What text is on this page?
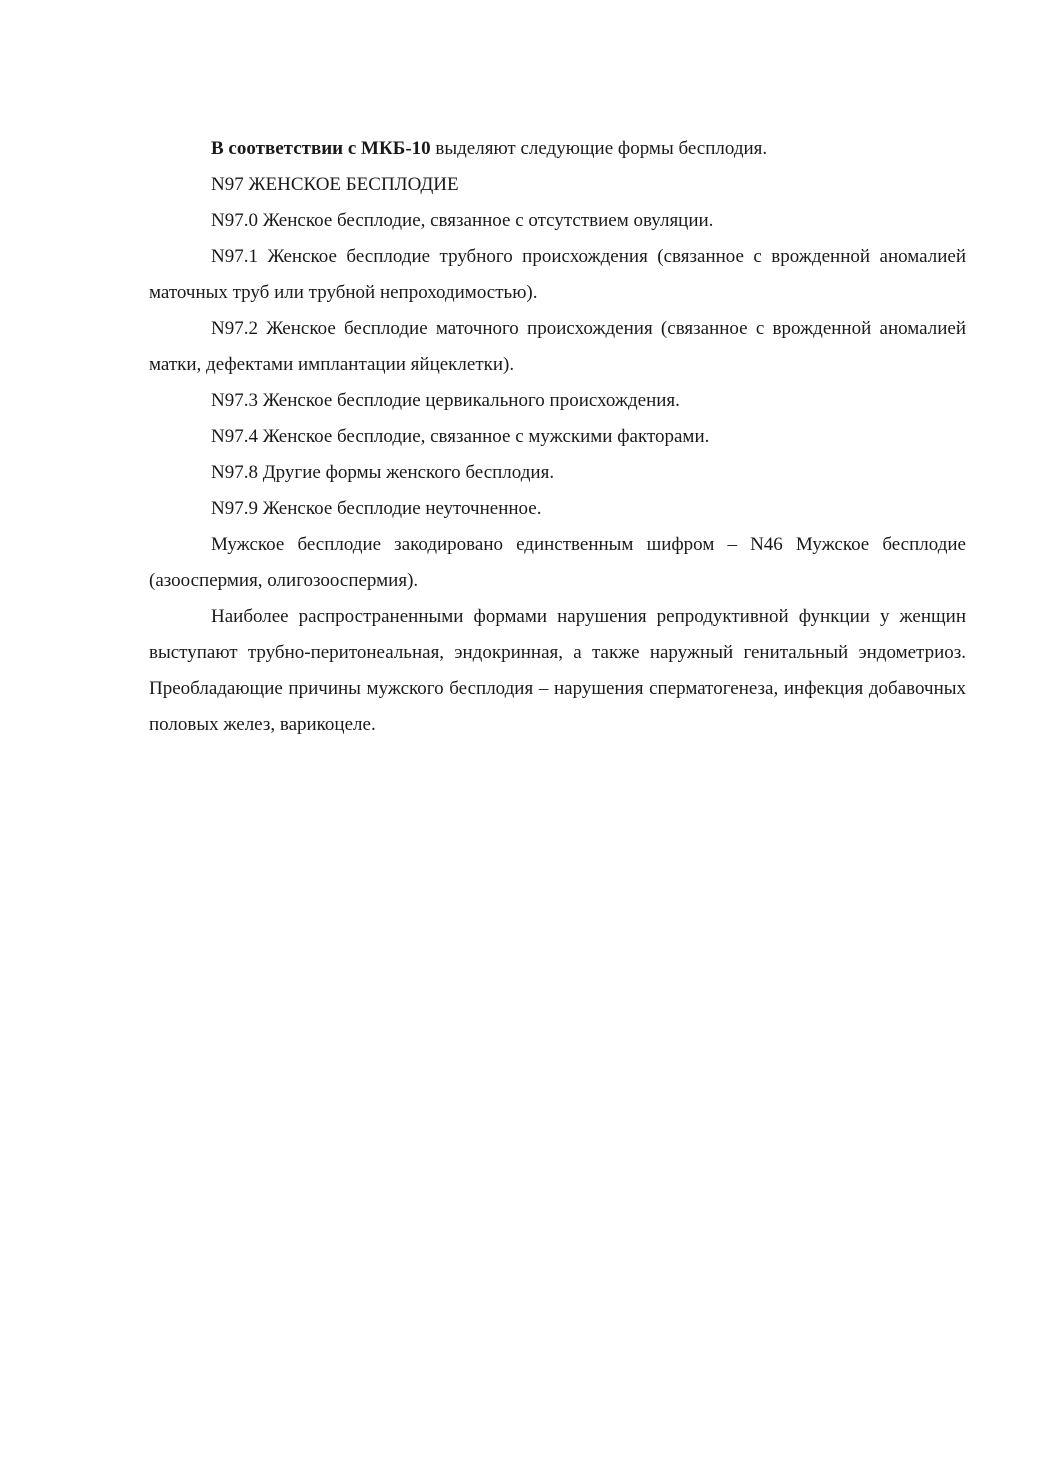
В соответствии с МКБ-10 выделяют следующие формы бесплодия.

N97 ЖЕНСКОЕ БЕСПЛОДИЕ

N97.0 Женское бесплодие, связанное с отсутствием овуляции.

N97.1 Женское бесплодие трубного происхождения (связанное с врожденной аномалией маточных труб или трубной непроходимостью).

N97.2 Женское бесплодие маточного происхождения (связанное с врожденной аномалией матки, дефектами имплантации яйцеклетки).

N97.3 Женское бесплодие цервикального происхождения.

N97.4 Женское бесплодие, связанное с мужскими факторами.

N97.8 Другие формы женского бесплодия.

N97.9 Женское бесплодие неуточненное.

Мужское бесплодие закодировано единственным шифром – N46 Мужское бесплодие (азооспермия, олигозооспермия).

Наиболее распространенными формами нарушения репродуктивной функции у женщин выступают трубно-перитонеальная, эндокринная, а также наружный генитальный эндометриоз. Преобладающие причины мужского бесплодия – нарушения сперматогенеза, инфекция добавочных половых желез, варикоцеле.
